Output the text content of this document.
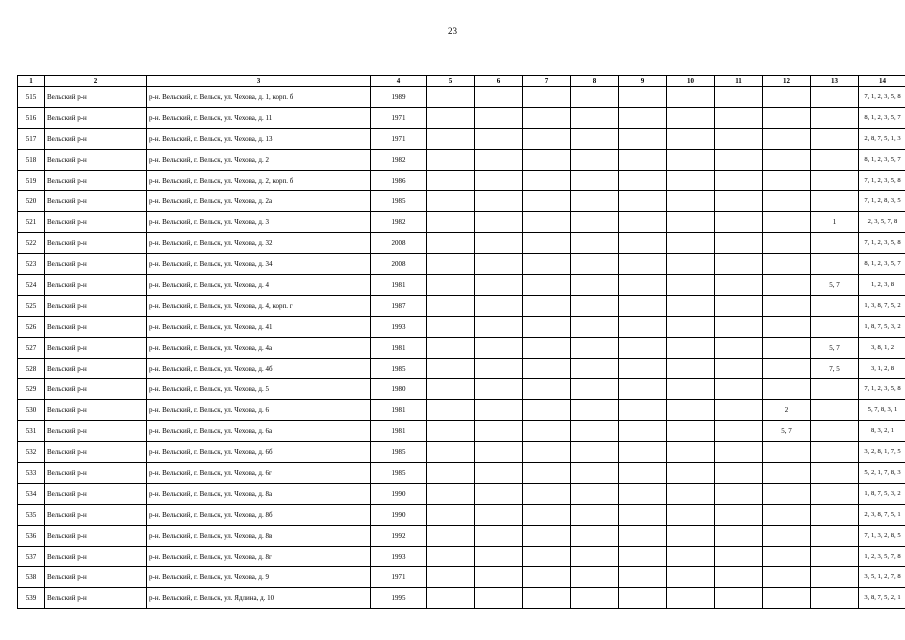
23
1	2	3	4	5	6	7	8	9	10	11	12	13	14
515	Вельский р-н	р-н. Вельский, г. Вельск, ул. Чехова, д. 1, корп. б	1989										7, 1, 2, 3, 5, 8
516	Вельский р-н	р-н. Вельский, г. Вельск, ул. Чехова, д. 11	1971										8, 1, 2, 3, 5, 7
517	Вельский р-н	р-н. Вельский, г. Вельск, ул. Чехова, д. 13	1971										2, 8, 7, 5, 1, 3
518	Вельский р-н	р-н. Вельский, г. Вельск, ул. Чехова, д. 2	1982										8, 1, 2, 3, 5, 7
519	Вельский р-н	р-н. Вельский, г. Вельск, ул. Чехова, д. 2, корп. б	1986										7, 1, 2, 3, 5, 8
520	Вельский р-н	р-н. Вельский, г. Вельск, ул. Чехова, д. 2а	1985										7, 1, 2, 8, 3, 5
521	Вельский р-н	р-н. Вельский, г. Вельск, ул. Чехова, д. 3	1982									1	2, 3, 5, 7, 8
522	Вельский р-н	р-н. Вельский, г. Вельск, ул. Чехова, д. 32	2008										7, 1, 2, 3, 5, 8
523	Вельский р-н	р-н. Вельский, г. Вельск, ул. Чехова, д. 34	2008										8, 1, 2, 3, 5, 7
524	Вельский р-н	р-н. Вельский, г. Вельск, ул. Чехова, д. 4	1981									5, 7	1, 2, 3, 8
525	Вельский р-н	р-н. Вельский, г. Вельск, ул. Чехова, д. 4, корп. г	1987										1, 3, 8, 7, 5, 2
526	Вельский р-н	р-н. Вельский, г. Вельск, ул. Чехова, д. 41	1993										1, 8, 7, 5, 3, 2
527	Вельский р-н	р-н. Вельский, г. Вельск, ул. Чехова, д. 4а	1981									5, 7	3, 8, 1, 2
528	Вельский р-н	р-н. Вельский, г. Вельск, ул. Чехова, д. 4б	1985									7, 5	3, 1, 2, 8
529	Вельский р-н	р-н. Вельский, г. Вельск, ул. Чехова, д. 5	1980										7, 1, 2, 3, 5, 8
530	Вельский р-н	р-н. Вельский, г. Вельск, ул. Чехова, д. 6	1981								2		5, 7, 8, 3, 1
531	Вельский р-н	р-н. Вельский, г. Вельск, ул. Чехова, д. 6а	1981								5, 7		8, 3, 2, 1
532	Вельский р-н	р-н. Вельский, г. Вельск, ул. Чехова, д. 6б	1985										3, 2, 8, 1, 7, 5
533	Вельский р-н	р-н. Вельский, г. Вельск, ул. Чехова, д. 6г	1985										5, 2, 1, 7, 8, 3
534	Вельский р-н	р-н. Вельский, г. Вельск, ул. Чехова, д. 8а	1990										1, 8, 7, 5, 3, 2
535	Вельский р-н	р-н. Вельский, г. Вельск, ул. Чехова, д. 8б	1990										2, 3, 8, 7, 5, 1
536	Вельский р-н	р-н. Вельский, г. Вельск, ул. Чехова, д. 8в	1992										7, 1, 3, 2, 8, 5
537	Вельский р-н	р-н. Вельский, г. Вельск, ул. Чехова, д. 8г	1993										1, 2, 3, 5, 7, 8
538	Вельский р-н	р-н. Вельский, г. Вельск, ул. Чехова, д. 9	1971										3, 5, 1, 2, 7, 8
539	Вельский р-н	р-н. Вельский, г. Вельск, ул. Ядлина, д. 10	1995										3, 8, 7, 5, 2, 1
